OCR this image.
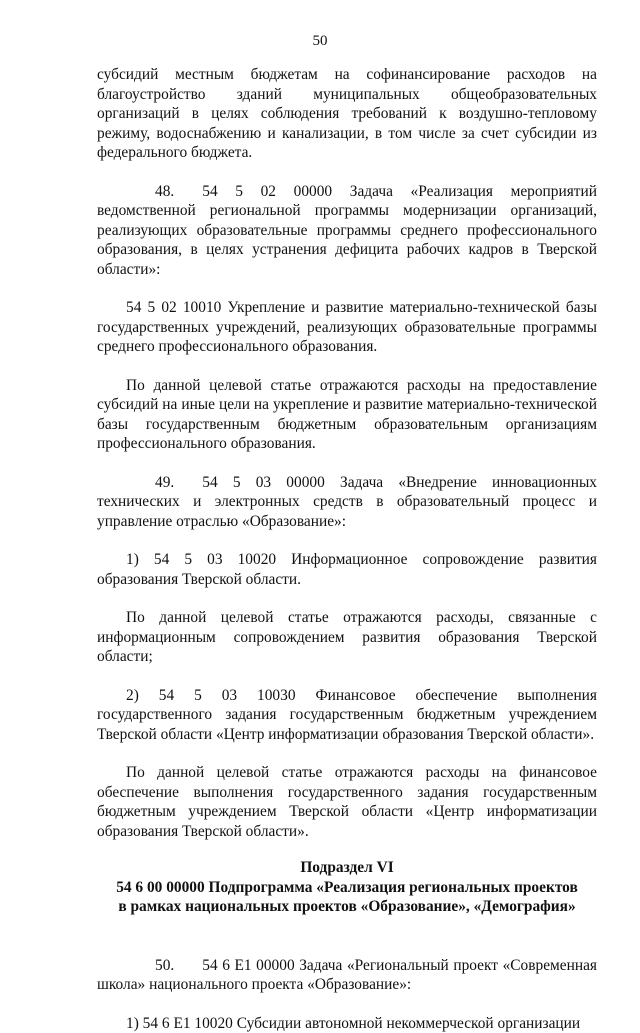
50

субсидий местным бюджетам на софинансирование расходов на благоустройство зданий муниципальных общеобразовательных организаций в целях соблюдения требований к воздушно-тепловому режиму, водоснабжению и канализации, в том числе за счет субсидии из федерального бюджета.

48. 54 5 02 00000 Задача «Реализация мероприятий ведомственной региональной программы модернизации организаций, реализующих образовательные программы среднего профессионального образования, в целях устранения дефицита рабочих кадров в Тверской области»:

54 5 02 10010 Укрепление и развитие материально-технической базы государственных учреждений, реализующих образовательные программы среднего профессионального образования.

По данной целевой статье отражаются расходы на предоставление субсидий на иные цели на укрепление и развитие материально-технической базы государственным бюджетным образовательным организациям профессионального образования.

49. 54 5 03 00000 Задача «Внедрение инновационных технических и электронных средств в образовательный процесс и управление отраслью «Образование»:

1) 54 5 03 10020 Информационное сопровождение развития образования Тверской области.

По данной целевой статье отражаются расходы, связанные с информационным сопровождением развития образования Тверской области;

2) 54 5 03 10030 Финансовое обеспечение выполнения государственного задания государственным бюджетным учреждением Тверской области «Центр информатизации образования Тверской области».

По данной целевой статье отражаются расходы на финансовое обеспечение выполнения государственного задания государственным бюджетным учреждением Тверской области «Центр информатизации образования Тверской области».

Подраздел VI
54 6 00 00000 Подпрограмма «Реализация региональных проектов
в рамках национальных проектов «Образование», «Демография»

50. 54 6 E1 00000 Задача «Региональный проект «Современная школа» национального проекта «Образование»:

1) 54 6 E1 10020 Субсидии автономной некоммерческой организации
